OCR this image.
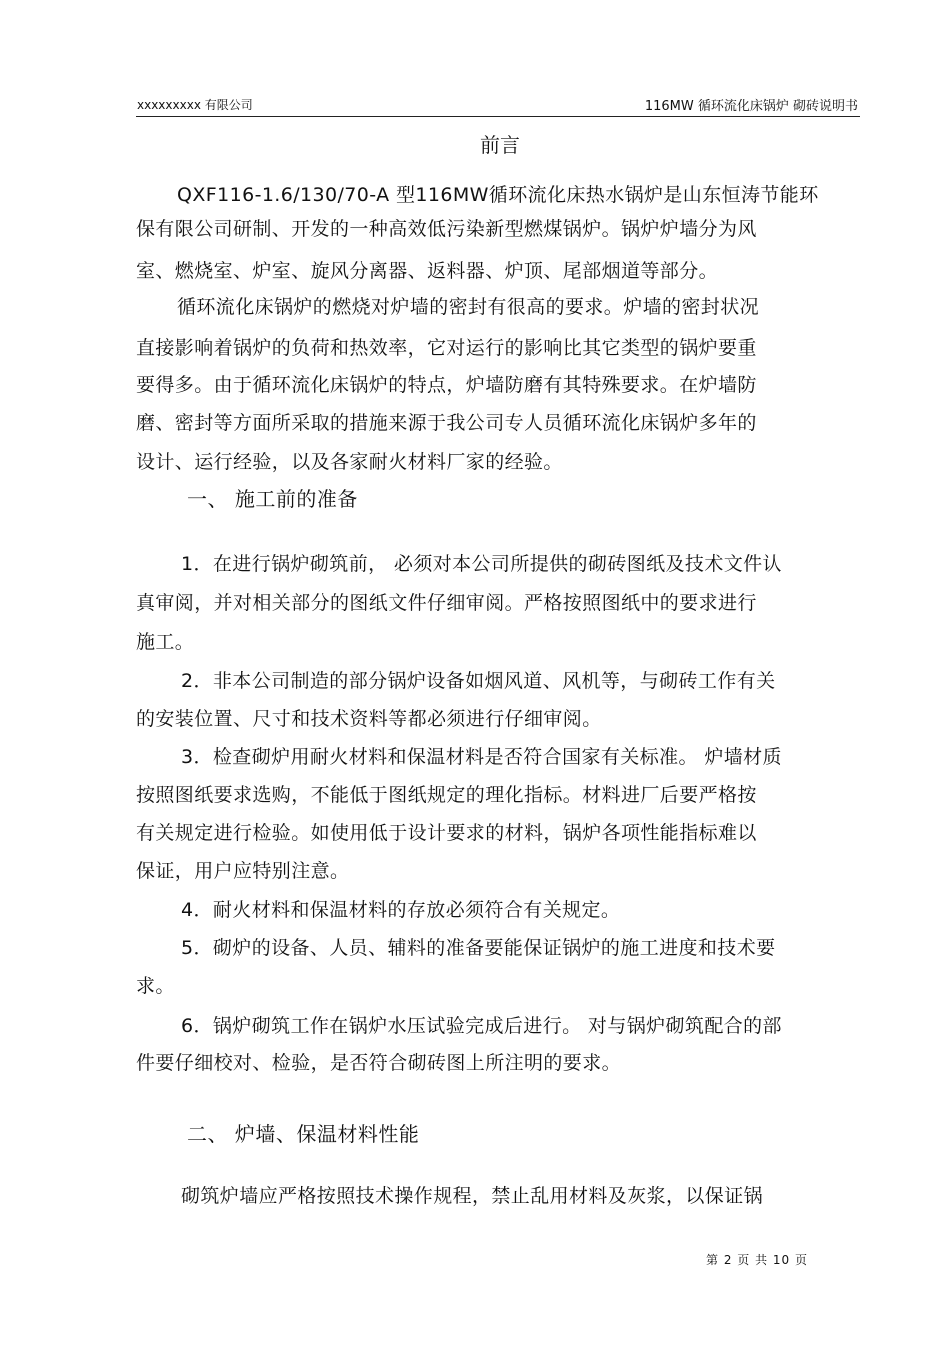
xxxxxxxxx 有限公司	116MW 循环流化床锅炉 砌砖说明书
前言
QXF116-1.6/130/70-A 型116MW循环流化床热水锅炉是山东恒涛节能环
保有限公司研制、开发的一种高效低污染新型燃煤锅炉。锅炉炉墙分为风
室、燃烧室、炉室、旋风分离器、返料器、炉顶、尾部烟道等部分。
循环流化床锅炉的燃烧对炉墙的密封有很高的要求。炉墙的密封状况
直接影响着锅炉的负荷和热效率，它对运行的影响比其它类型的锅炉要重
要得多。由于循环流化床锅炉的特点，炉墙防磨有其特殊要求。在炉墙防
磨、密封等方面所采取的措施来源于我公司专人员循环流化床锅炉多年的
设计、运行经验，以及各家耐火材料厂家的经验。
一、 施工前的准备
1．在进行锅炉砌筑前， 必须对本公司所提供的砌砖图纸及技术文件认
真审阅，并对相关部分的图纸文件仔细审阅。严格按照图纸中的要求进行
施工。
2．非本公司制造的部分锅炉设备如烟风道、风机等，与砌砖工作有关
的安装位置、尺寸和技术资料等都必须进行仔细审阅。
3．检查砌炉用耐火材料和保温材料是否符合国家有关标准。 炉墙材质
按照图纸要求选购，不能低于图纸规定的理化指标。材料进厂后要严格按
有关规定进行检验。如使用低于设计要求的材料，锅炉各项性能指标难以
保证，用户应特别注意。
4．耐火材料和保温材料的存放必须符合有关规定。
5．砌炉的设备、人员、辅料的准备要能保证锅炉的施工进度和技术要
求。
6．锅炉砌筑工作在锅炉水压试验完成后进行。 对与锅炉砌筑配合的部
件要仔细校对、检验，是否符合砌砖图上所注明的要求。
二、 炉墙、保温材料性能
砌筑炉墙应严格按照技术操作规程，禁止乱用材料及灰浆，以保证锅
第 2 页 共 10 页
